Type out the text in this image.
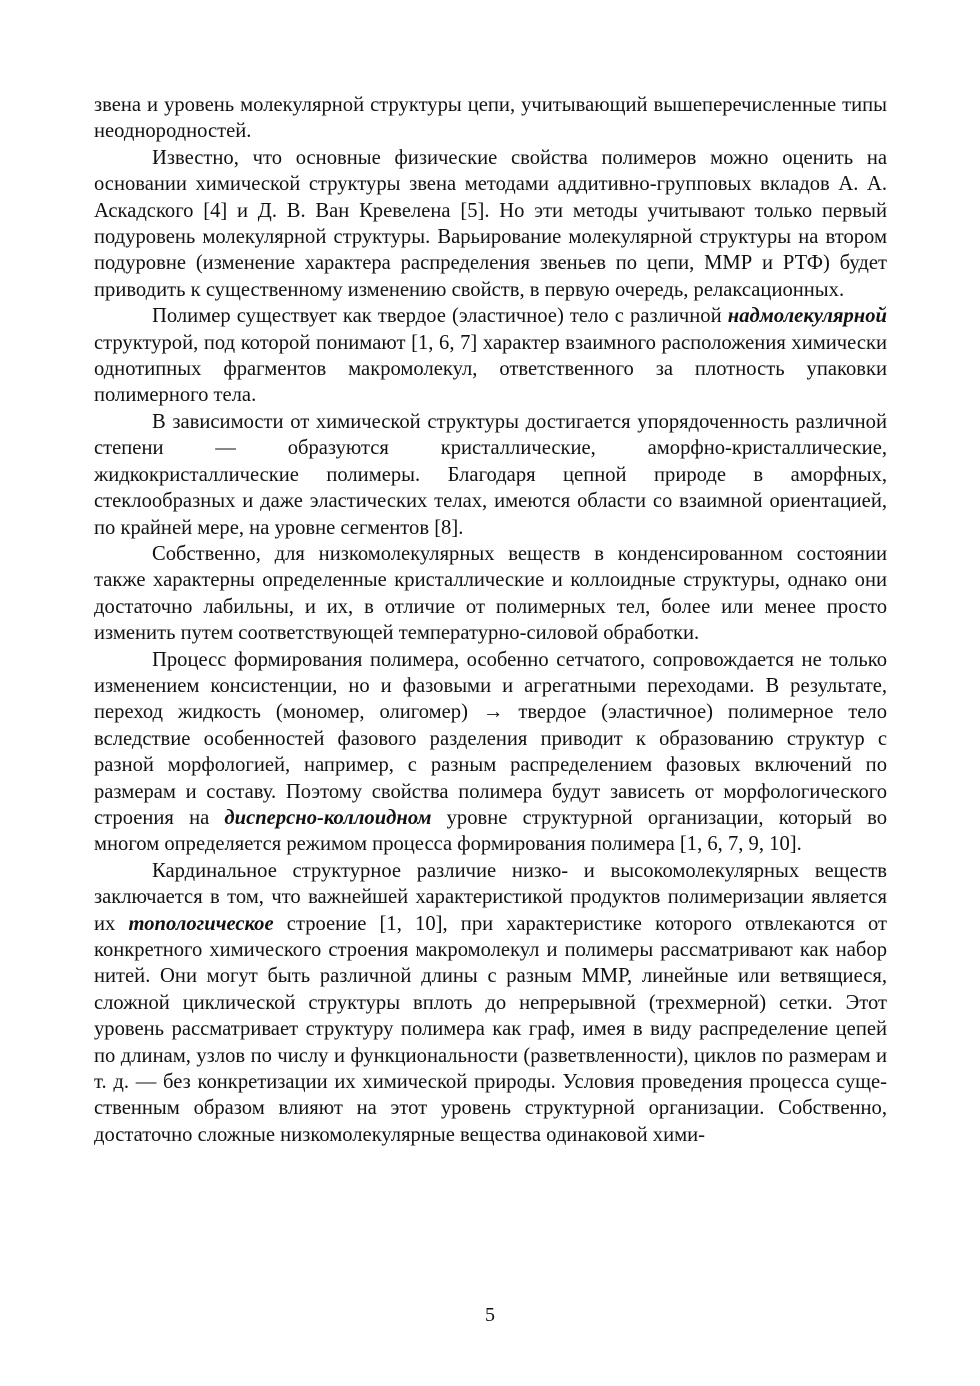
звена и уровень молекулярной структуры цепи, учитывающий вышеперечисленные типы неоднородностей.

Известно, что основные физические свойства полимеров можно оценить на основании химической структуры звена методами аддитивно-групповых вкладов А. А. Аскадского [4] и Д. В. Ван Кревелена [5]. Но эти методы учитывают только первый подуровень молекулярной структуры. Варьирование молекулярной структуры на втором подуровне (изменение характера распределения звеньев по цепи, ММР и РТФ) будет приводить к существенному изменению свойств, в первую очередь, релаксационных.

Полимер существует как твердое (эластичное) тело с различной надмолекулярной структурой, под которой понимают [1, 6, 7] характер взаимного расположения химически однотипных фрагментов макромолекул, ответственного за плотность упаковки полимерного тела.

В зависимости от химической структуры достигается упорядоченность различной степени — образуются кристаллические, аморфно-кристаллические, жидкокристаллические полимеры. Благодаря цепной природе в аморфных, стеклообразных и даже эластических телах, имеются области со взаимной ориентацией, по крайней мере, на уровне сегментов [8].

Собственно, для низкомолекулярных веществ в конденсированном состоянии также характерны определенные кристаллические и коллоидные структуры, однако они достаточно лабильны, и их, в отличие от полимерных тел, более или менее просто изменить путем соответствующей температурно-силовой обработки.

Процесс формирования полимера, особенно сетчатого, сопровождается не только изменением консистенции, но и фазовыми и агрегатными переходами. В результате, переход жидкость (мономер, олигомер) → твердое (эластичное) полимерное тело вследствие особенностей фазового разделения приводит к образованию структур с разной морфологией, например, с разным распределением фазовых включений по размерам и составу. Поэтому свойства полимера будут зависеть от морфологического строения на дисперсно-коллоидном уровне структурной организации, который во многом определяется режимом процесса формирования полимера [1, 6, 7, 9, 10].

Кардинальное структурное различие низко- и высокомолекулярных веществ заключается в том, что важнейшей характеристикой продуктов полимеризации является их топологическое строение [1, 10], при характеристике которого отвлекаются от конкретного химического строения макромолекул и полимеры рассматривают как набор нитей. Они могут быть различной длины с разным ММР, линейные или ветвящиеся, сложной циклической структуры вплоть до непрерывной (трехмерной) сетки. Этот уровень рассматривает структуру полимера как граф, имея в виду распределение цепей по длинам, узлов по числу и функциональности (разветвленности), циклов по размерам и т. д. — без конкретизации их химической природы. Условия проведения процесса существенным образом влияют на этот уровень структурной организации. Собственно, достаточно сложные низкомолекулярные вещества одинаковой хими-

5
